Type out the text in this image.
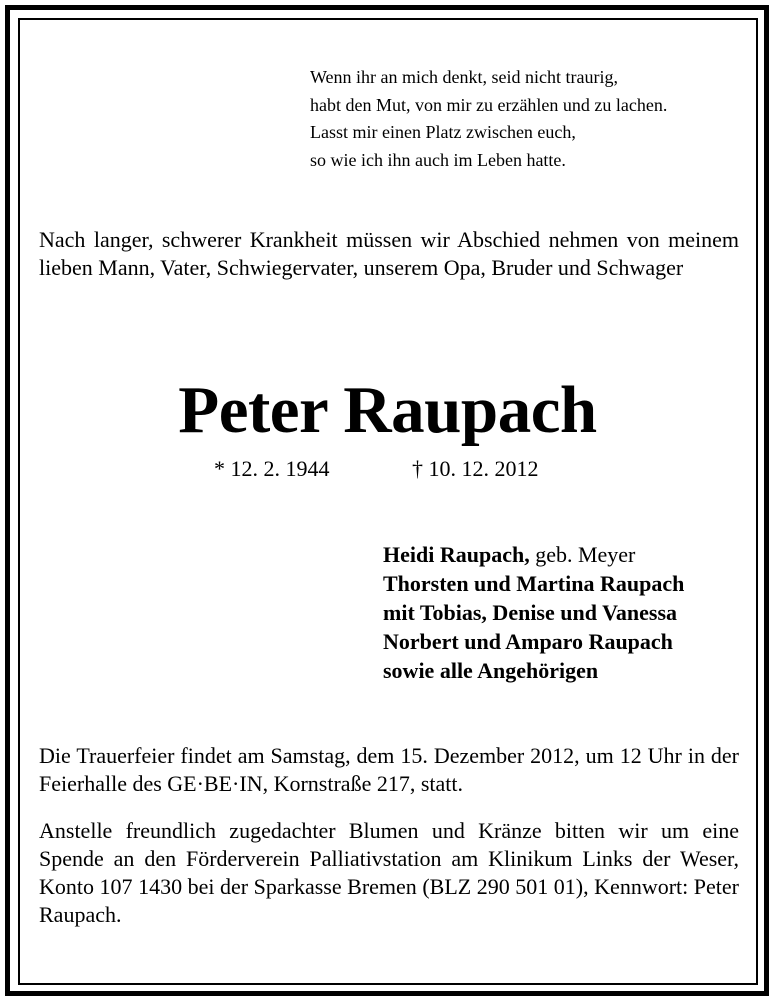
Wenn ihr an mich denkt, seid nicht traurig,
habt den Mut, von mir zu erzählen und zu lachen.
Lasst mir einen Platz zwischen euch,
so wie ich ihn auch im Leben hatte.
Nach langer, schwerer Krankheit müssen wir Abschied nehmen von meinem lieben Mann, Vater, Schwiegervater, unserem Opa, Bruder und Schwager
Peter Raupach
* 12. 2. 1944	† 10. 12. 2012
Heidi Raupach, geb. Meyer
Thorsten und Martina Raupach
mit Tobias, Denise und Vanessa
Norbert und Amparo Raupach
sowie alle Angehörigen
Die Trauerfeier findet am Samstag, dem 15. Dezember 2012, um 12 Uhr in der Feierhalle des GE·BE·IN, Kornstraße 217, statt.
Anstelle freundlich zugedachter Blumen und Kränze bitten wir um eine Spende an den Förderverein Palliativstation am Klinikum Links der Weser, Konto 107 1430 bei der Sparkasse Bremen (BLZ 290 501 01), Kennwort: Peter Raupach.
